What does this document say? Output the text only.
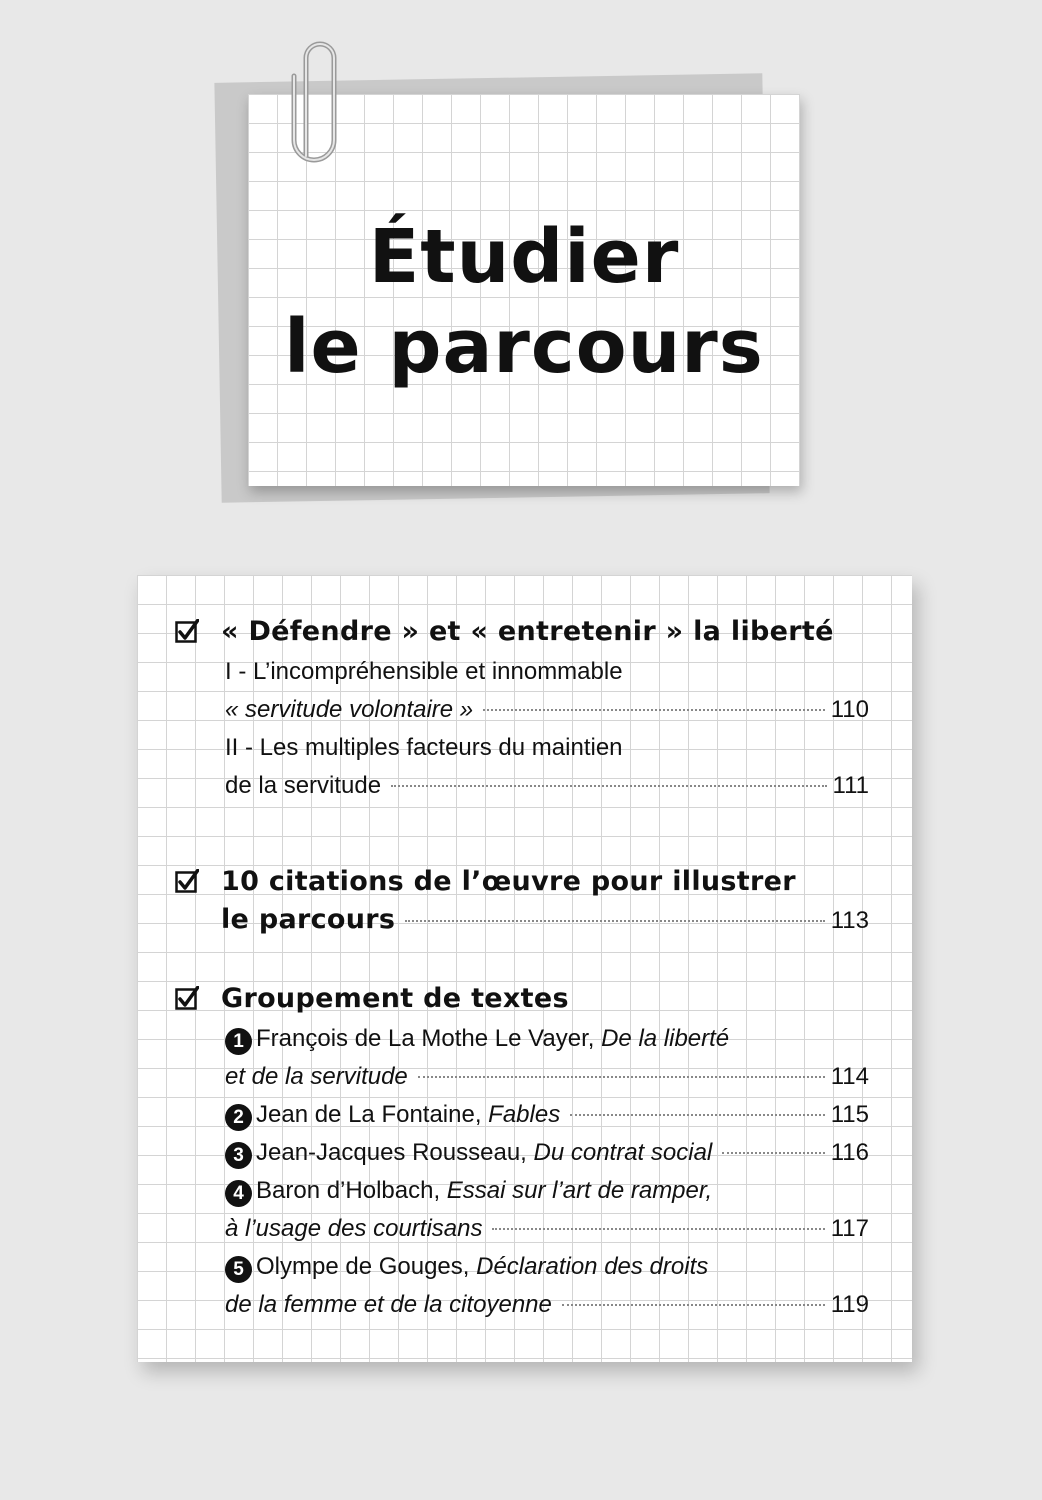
Étudier
le parcours
« Défendre » et « entretenir » la liberté
I - L’incompréhensible et innommable
« servitude volontaire »	110
II - Les multiples facteurs du maintien
de la servitude	111
10 citations de l’œuvre pour illustrer
le parcours	113
Groupement de textes
1 François de La Mothe Le Vayer, De la liberté
et de la servitude	114
2 Jean de La Fontaine, Fables	115
3 Jean-Jacques Rousseau, Du contrat social	116
4 Baron d’Holbach, Essai sur l’art de ramper,
à l’usage des courtisans	117
5 Olympe de Gouges, Déclaration des droits
de la femme et de la citoyenne	119
